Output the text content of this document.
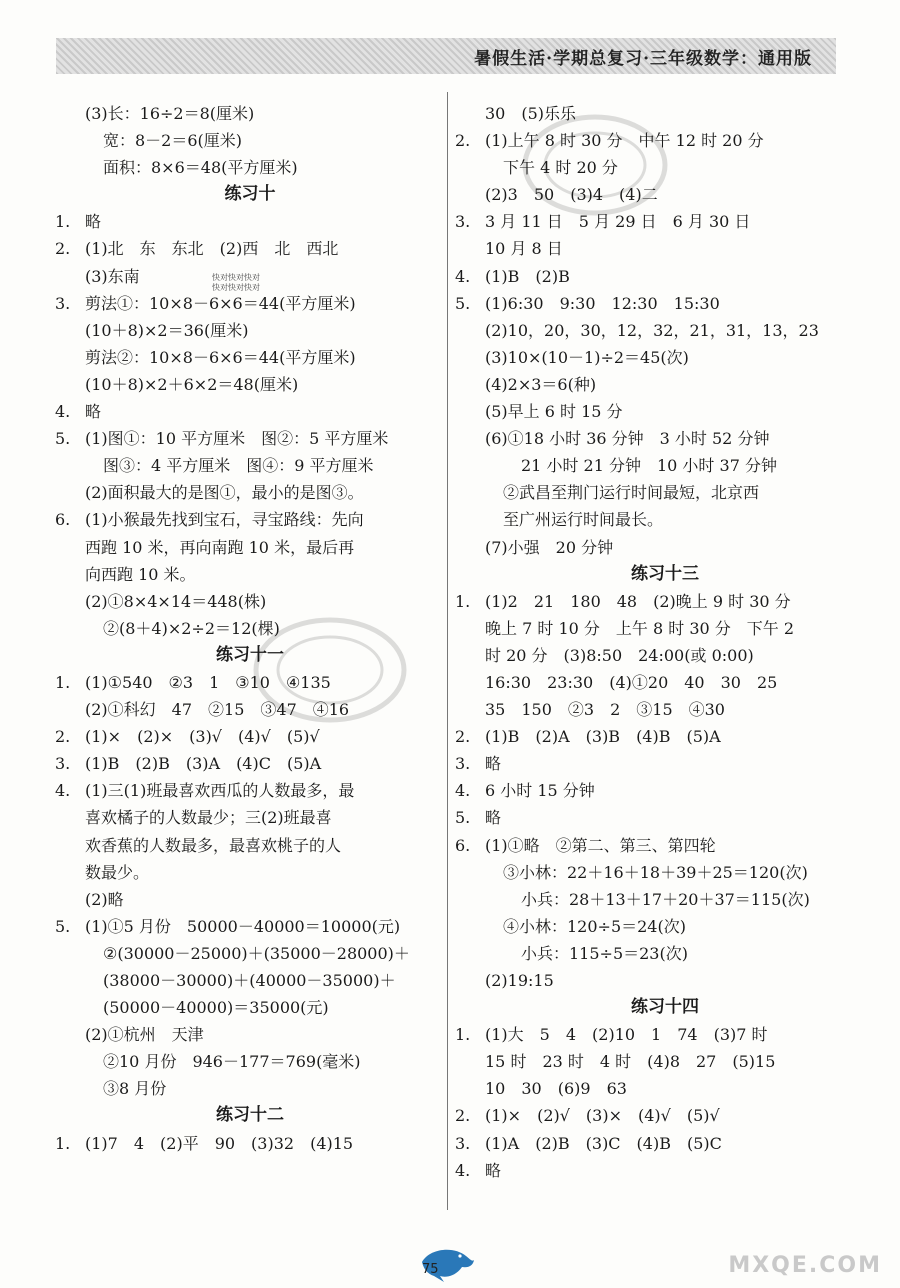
暑假生活·学期总复习·三年级数学：通用版
快对快对快对
快对快对快对
(3)长：16÷2＝8(厘米)
宽：8－2＝6(厘米)
面积：8×6＝48(平方厘米)
练习十
1. 略
2. (1)北　东　东北　(2)西　北　西北
(3)东南
3. 剪法①：10×8－6×6＝44(平方厘米)
(10＋8)×2＝36(厘米)
剪法②：10×8－6×6＝44(平方厘米)
(10＋8)×2＋6×2＝48(厘米)
4. 略
5. (1)图①：10 平方厘米　图②：5 平方厘米
图③：4 平方厘米　图④：9 平方厘米
(2)面积最大的是图①，最小的是图③。
6. (1)小猴最先找到宝石，寻宝路线：先向
西跑 10 米，再向南跑 10 米，最后再
向西跑 10 米。
(2)①8×4×14＝448(株)
②(8＋4)×2÷2＝12(棵)
练习十一
1. (1)①540　②3　1　③10　④135
(2)①科幻　47　②15　③47　④16
2. (1)×　(2)×　(3)√　(4)√　(5)√
3. (1)B　(2)B　(3)A　(4)C　(5)A
4. (1)三(1)班最喜欢西瓜的人数最多，最
喜欢橘子的人数最少；三(2)班最喜
欢香蕉的人数最多，最喜欢桃子的人
数最少。
(2)略
5. (1)①5 月份　50000－40000＝10000(元)
②(30000－25000)＋(35000－28000)＋
(38000－30000)＋(40000－35000)＋
(50000－40000)＝35000(元)
(2)①杭州　天津
②10 月份　946－177＝769(毫米)
③8 月份
练习十二
1. (1)7　4　(2)平　90　(3)32　(4)15
30　(5)乐乐
2. (1)上午 8 时 30 分　中午 12 时 20 分
下午 4 时 20 分
(2)3　50　(3)4　(4)二
3. 3 月 11 日　5 月 29 日　6 月 30 日
10 月 8 日
4. (1)B　(2)B
5. (1)6:30　9:30　12:30　15:30
(2)10，20，30，12，32，21，31，13，23
(3)10×(10－1)÷2＝45(次)
(4)2×3＝6(种)
(5)早上 6 时 15 分
(6)①18 小时 36 分钟　3 小时 52 分钟
21 小时 21 分钟　10 小时 37 分钟
②武昌至荆门运行时间最短，北京西
至广州运行时间最长。
(7)小强　20 分钟
练习十三
1. (1)2　21　180　48　(2)晚上 9 时 30 分
晚上 7 时 10 分　上午 8 时 30 分　下午 2
时 20 分　(3)8:50　24:00(或 0:00)
16:30　23:30　(4)①20　40　30　25
35　150　②3　2　③15　④30
2. (1)B　(2)A　(3)B　(4)B　(5)A
3. 略
4. 6 小时 15 分钟
5. 略
6. (1)①略　②第二、第三、第四轮
③小林：22＋16＋18＋39＋25＝120(次)
小兵：28＋13＋17＋20＋37＝115(次)
④小林：120÷5＝24(次)
小兵：115÷5＝23(次)
(2)19:15
练习十四
1. (1)大　5　4　(2)10　1　74　(3)7 时
15 时　23 时　4 时　(4)8　27　(5)15
10　30　(6)9　63
2. (1)×　(2)√　(3)×　(4)√　(5)√
3. (1)A　(2)B　(3)C　(4)B　(5)C
4. 略
75	MXQE.COM
